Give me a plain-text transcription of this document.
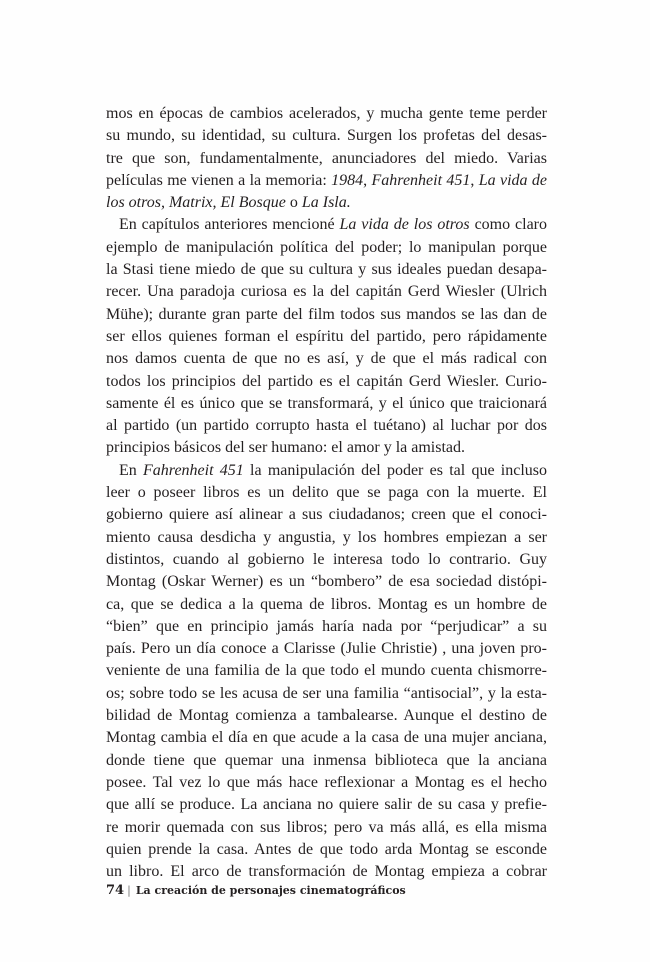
mos en épocas de cambios acelerados, y mucha gente teme perder
su mundo, su identidad, su cultura. Surgen los profetas del desas-
tre que son, fundamentalmente, anunciadores del miedo. Varias
películas me vienen a la memoria: 1984, Fahrenheit 451, La vida de
los otros, Matrix, El Bosque o La Isla.
En capítulos anteriores mencioné La vida de los otros como claro
ejemplo de manipulación política del poder; lo manipulan porque
la Stasi tiene miedo de que su cultura y sus ideales puedan desapa-
recer. Una paradoja curiosa es la del capitán Gerd Wiesler (Ulrich
Mühe); durante gran parte del film todos sus mandos se las dan de
ser ellos quienes forman el espíritu del partido, pero rápidamente
nos damos cuenta de que no es así, y de que el más radical con
todos los principios del partido es el capitán Gerd Wiesler. Curio-
samente él es único que se transformará, y el único que traicionará
al partido (un partido corrupto hasta el tuétano) al luchar por dos
principios básicos del ser humano: el amor y la amistad.
En Fahrenheit 451 la manipulación del poder es tal que incluso
leer o poseer libros es un delito que se paga con la muerte. El
gobierno quiere así alinear a sus ciudadanos; creen que el conoci-
miento causa desdicha y angustia, y los hombres empiezan a ser
distintos, cuando al gobierno le interesa todo lo contrario. Guy
Montag (Oskar Werner) es un “bombero” de esa sociedad distópi-
ca, que se dedica a la quema de libros. Montag es un hombre de
“bien” que en principio jamás haría nada por “perjudicar” a su
país. Pero un día conoce a Clarisse (Julie Christie) , una joven pro-
veniente de una familia de la que todo el mundo cuenta chismorre-
os; sobre todo se les acusa de ser una familia “antisocial”, y la esta-
bilidad de Montag comienza a tambalearse. Aunque el destino de
Montag cambia el día en que acude a la casa de una mujer anciana,
donde tiene que quemar una inmensa biblioteca que la anciana
posee. Tal vez lo que más hace reflexionar a Montag es el hecho
que allí se produce. La anciana no quiere salir de su casa y prefie-
re morir quemada con sus libros; pero va más allá, es ella misma
quien prende la casa. Antes de que todo arda Montag se esconde
un libro. El arco de transformación de Montag empieza a cobrar
74 | La creación de personajes cinematográficos
